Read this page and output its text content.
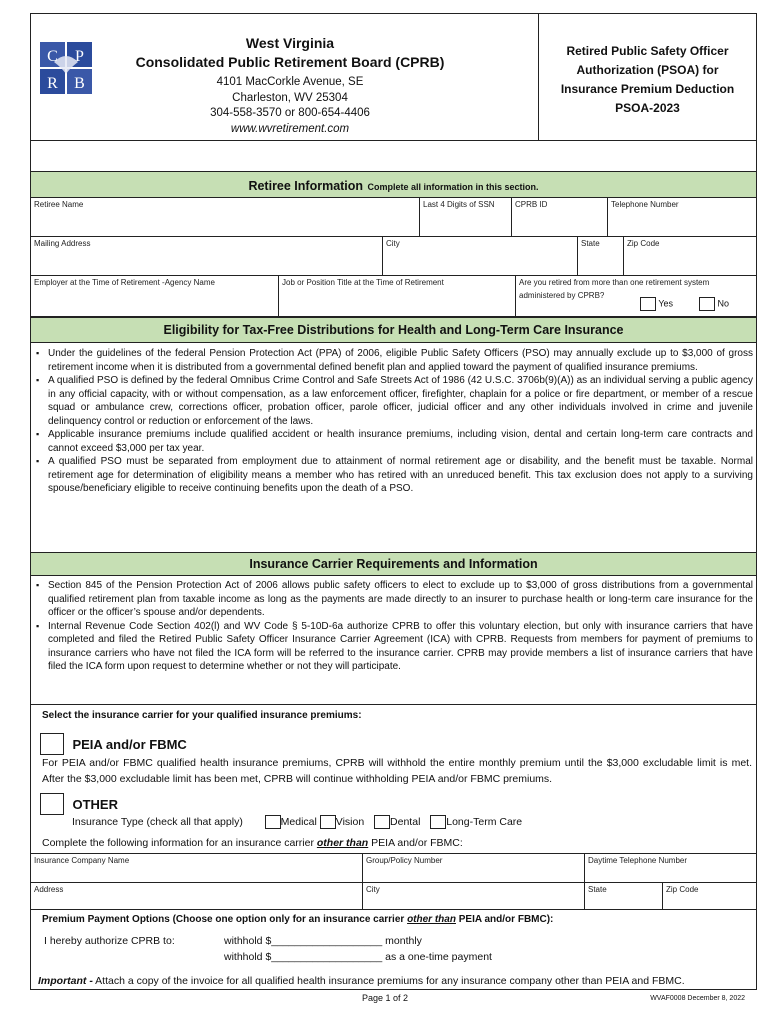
C P
R B
West Virginia
Consolidated Public Retirement Board (CPRB)
4101 MacCorkle Avenue, SE
Charleston, WV 25304
304-558-3570 or 800-654-4406
www.wvretirement.com
Retired Public Safety Officer
Authorization (PSOA) for
Insurance Premium Deduction
PSOA-2023
Retiree Information Complete all information in this section.
Retiree Name	Last 4 Digits of SSN	CPRB ID	Telephone Number
Mailing Address	City	State	Zip Code
Employer at the Time of Retirement -Agency Name	Job or Position Title at the Time of Retirement	Are you retired from more than one retirement system
administered by CPRB?
Yes	No
Eligibility for Tax-Free Distributions for Health and Long-Term Care Insurance
▪ Under the guidelines of the federal Pension Protection Act (PPA) of 2006, eligible Public Safety Officers (PSO) may annually exclude up to $3,000 of gross retirement income when it is distributed from a governmental defined benefit plan and applied toward the payment of qualified insurance premiums.
▪ A qualified PSO is defined by the federal Omnibus Crime Control and Safe Streets Act of 1986 (42 U.S.C. 3706b(9)(A)) as an individual serving a public agency in any official capacity, with or without compensation, as a law enforcement officer, firefighter, chaplain for a police or fire department, or member of a rescue squad or ambulance crew, corrections officer, probation officer, parole officer, judicial officer and any other individuals involved in crime and juvenile delinquency control or reduction or enforcement of the laws.
▪ Applicable insurance premiums include qualified accident or health insurance premiums, including vision, dental and certain long-term care contracts and cannot exceed $3,000 per tax year.
▪ A qualified PSO must be separated from employment due to attainment of normal retirement age or disability, and the benefit must be taxable. Normal retirement age for determination of eligibility means a member who has retired with an unreduced benefit. This tax exclusion does not apply to a surviving spouse/beneficiary eligible to receive continuing benefits upon the death of a PSO.
Insurance Carrier Requirements and Information
▪ Section 845 of the Pension Protection Act of 2006 allows public safety officers to elect to exclude up to $3,000 of gross distributions from a governmental qualified retirement plan from taxable income as long as the payments are made directly to an insurer to purchase health or long-term care insurance for the officer or the officer’s spouse and/or dependents.
▪ Internal Revenue Code Section 402(l) and WV Code § 5-10D-6a authorize CPRB to offer this voluntary election, but only with insurance carriers that have completed and filed the Retired Public Safety Officer Insurance Carrier Agreement (ICA) with CPRB. Requests from members for payment of premiums to insurance carriers who have not filed the ICA form will be referred to the insurance carrier. CPRB may provide members a list of insurance carriers that have filed the ICA form upon request to determine whether or not they will participate.
Select the insurance carrier for your qualified insurance premiums:
PEIA and/or FBMC
For PEIA and/or FBMC qualified health insurance premiums, CPRB will withhold the entire monthly premium until the $3,000 excludable limit is met. After the $3,000 excludable limit has been met, CPRB will continue withholding PEIA and/or FBMC premiums.
OTHER
Insurance Type (check all that apply)	Medical Vision Dental Long-Term Care
Complete the following information for an insurance carrier other than PEIA and/or FBMC:
Insurance Company Name	Group/Policy Number	Daytime Telephone Number
Address	City	State	Zip Code
Premium Payment Options (Choose one option only for an insurance carrier other than PEIA and/or FBMC):
I hereby authorize CPRB to:	withhold $___________________ monthly
withhold $___________________ as a one-time payment
Important - Attach a copy of the invoice for all qualified health insurance premiums for any insurance company other than PEIA and FBMC.
Page 1 of 2	WVAF0008 December 8, 2022
